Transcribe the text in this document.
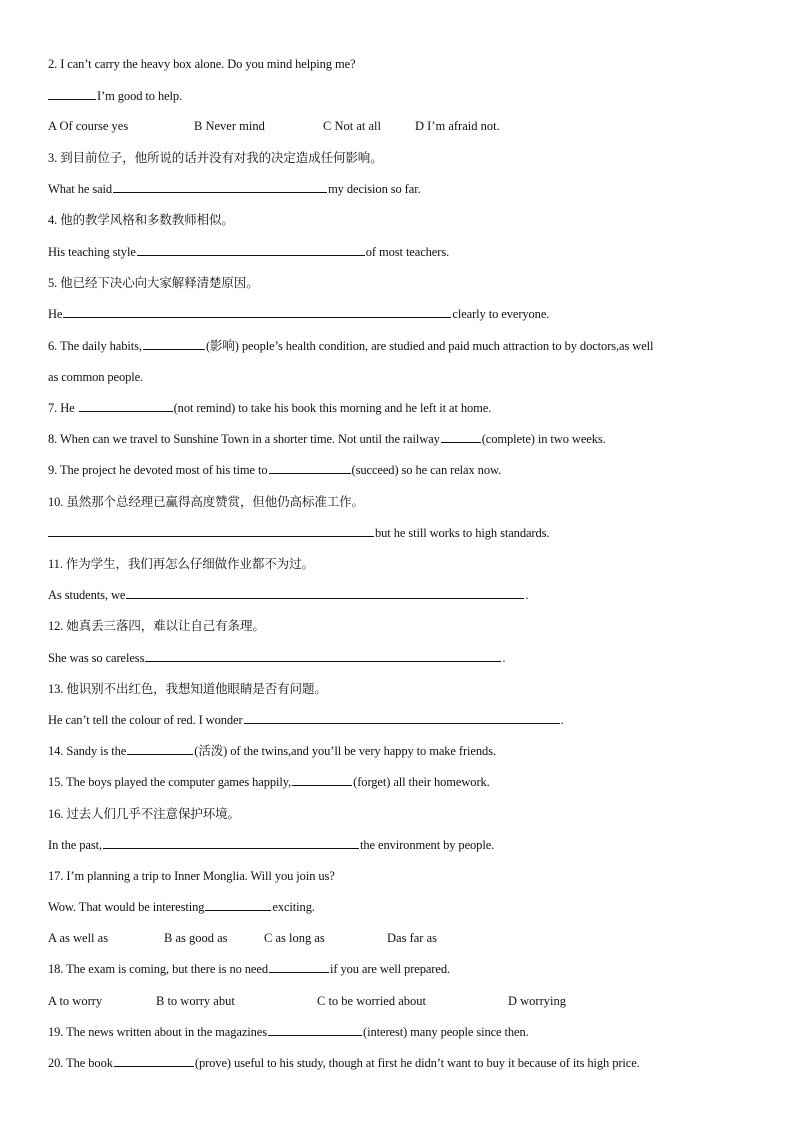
2. I can’t carry the heavy box alone. Do you mind helping me?
I’m good to help.
A Of course yes	B Never mind	C Not at all	D I’m afraid not.
3. 到目前位子，他所说的话并没有对我的决定造成任何影响。
What he said	my decision so far.
4. 他的教学风格和多数教师相似。
His teaching style	of most teachers.
5. 他已经下决心向大家解释清楚原因。
He	clearly to everyone.
6. The daily habits,	(影响) people’s health condition, are studied and paid much attraction to by doctors,as well
as common people.
7. He	(not remind) to take his book this morning and he left it at home.
8. When can we travel to Sunshine Town in a shorter time. Not until the railway	(complete) in two weeks.
9. The project he devoted most of his time to	(succeed) so he can relax now.
10. 虽然那个总经理已赢得高度赞赏，但他仍高标准工作。
but he still works to high standards.
11. 作为学生，我们再怎么仔细做作业都不为过。
As students, we	.
12. 她真丢三落四，难以让自己有条理。
She was so careless	.
13. 他识别不出红色，我想知道他眼睛是否有问题。
He can’t tell the colour of red. I wonder	.
14. Sandy is the	(活泼) of the twins,and you’ll be very happy to make friends.
15. The boys played the computer games happily,	(forget) all their homework.
16. 过去人们几乎不注意保护环境。
In the past,	the environment by people.
17. I’m planning a trip to Inner Monglia. Will you join us?
Wow. That would be interesting	exciting.
A as well as	B as good as	C as long as	Das far as
18. The exam is coming, but there is no need	if you are well prepared.
A to worry	B to worry abut	C to be worried about	D worrying
19. The news written about in the magazines	(interest) many people since then.
20. The book	(prove) useful to his study, though at first he didn’t want to buy it because of its high price.
